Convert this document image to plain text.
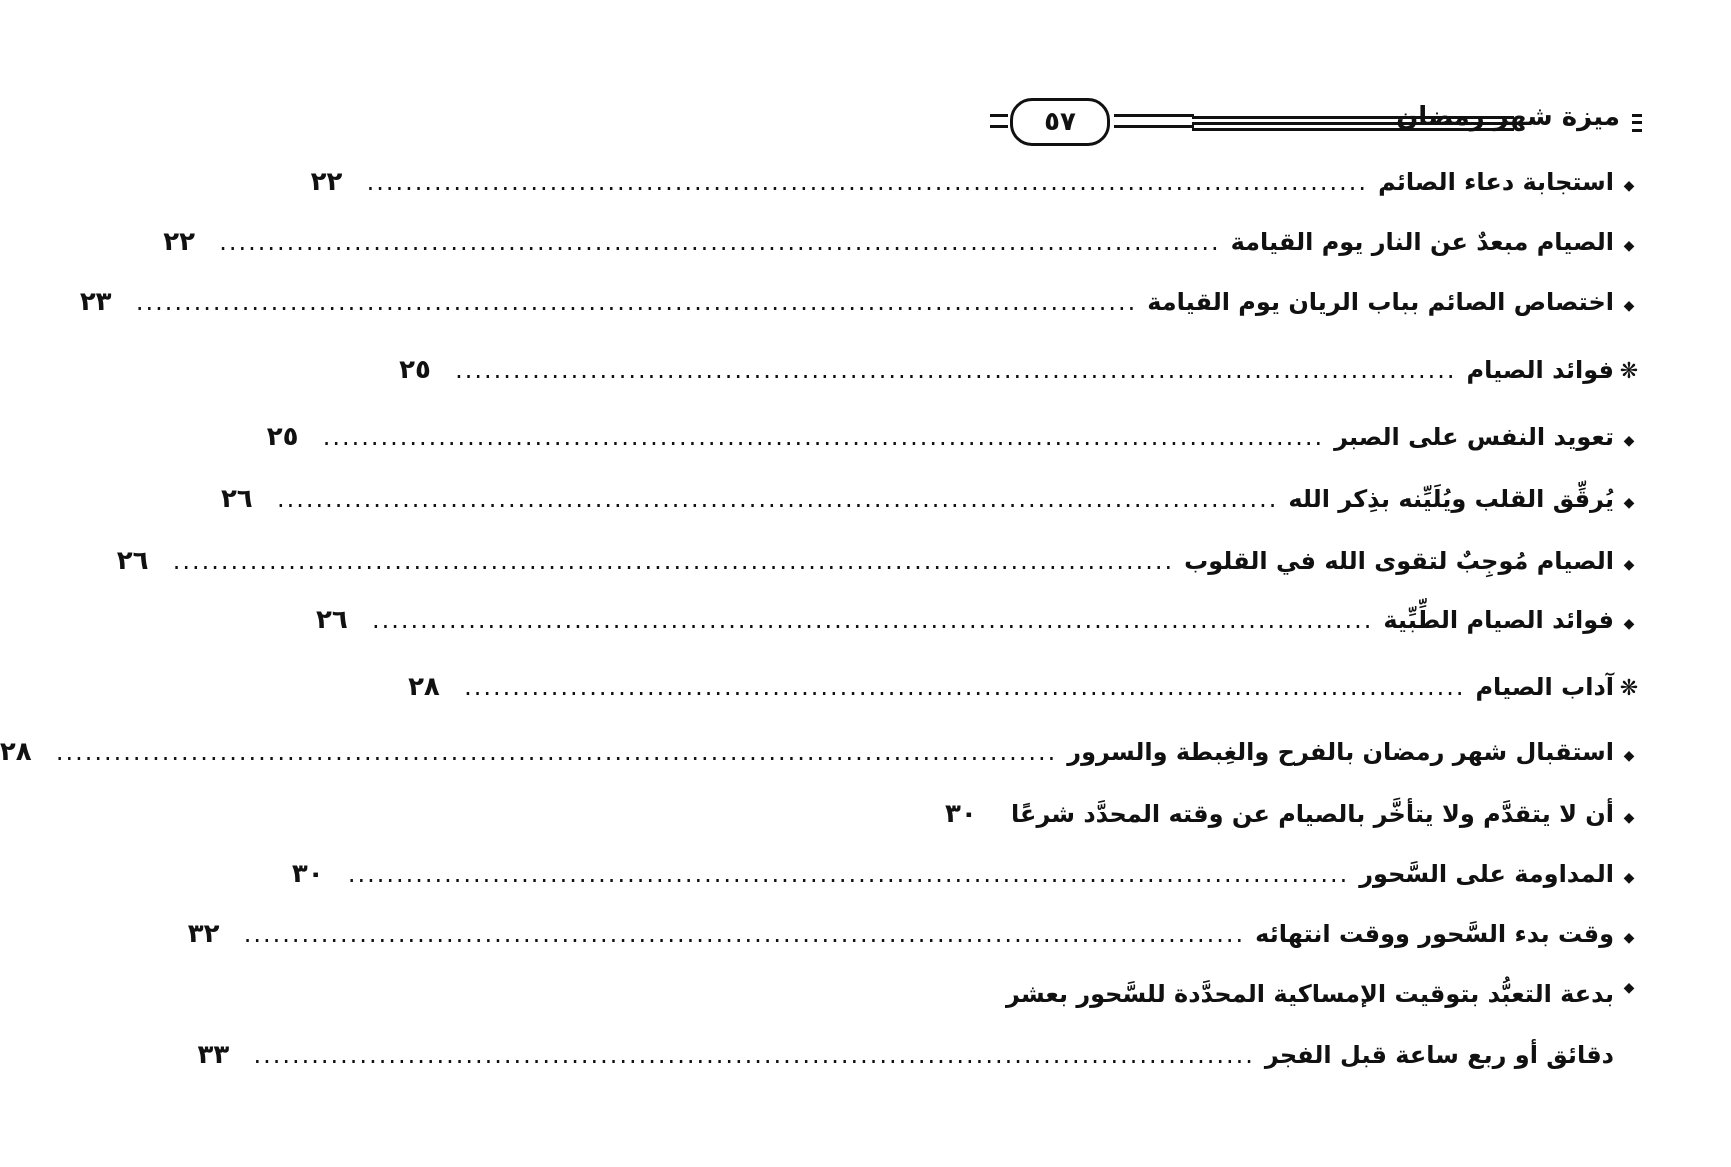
٥٧	ميزة شهر رمضان
◆
استجابة دعاء الصائم
........................................................................................................
٢٢
◆
الصيام مبعدٌ عن النار يوم القيامة
........................................................................................................
٢٢
◆
اختصاص الصائم بباب الريان يوم القيامة
........................................................................................................
٢٣
❋
فوائد الصيام
........................................................................................................
٢٥
◆
تعويد النفس على الصبر
........................................................................................................
٢٥
◆
يُرقِّق القلب ويُلَيِّنه بذِكر الله
........................................................................................................
٢٦
◆
الصيام مُوجِبٌ لتقوى الله في القلوب
........................................................................................................
٢٦
◆
فوائد الصيام الطِّبِّية
........................................................................................................
٢٦
❋
آداب الصيام
........................................................................................................
٢٨
◆
استقبال شهر رمضان بالفرح والغِبطة والسرور
........................................................................................................
٢٨
◆
أن لا يتقدَّم ولا يتأخَّر بالصيام عن وقته المحدَّد شرعًا
٣٠
◆
المداومة على السَّحور
........................................................................................................
٣٠
◆
وقت بدء السَّحور ووقت انتهائه
........................................................................................................
٣٢
◆
بدعة التعبُّد بتوقيت الإمساكية المحدَّدة للسَّحور بعشر
دقائق أو ربع ساعة قبل الفجر
........................................................................................................
٣٣
